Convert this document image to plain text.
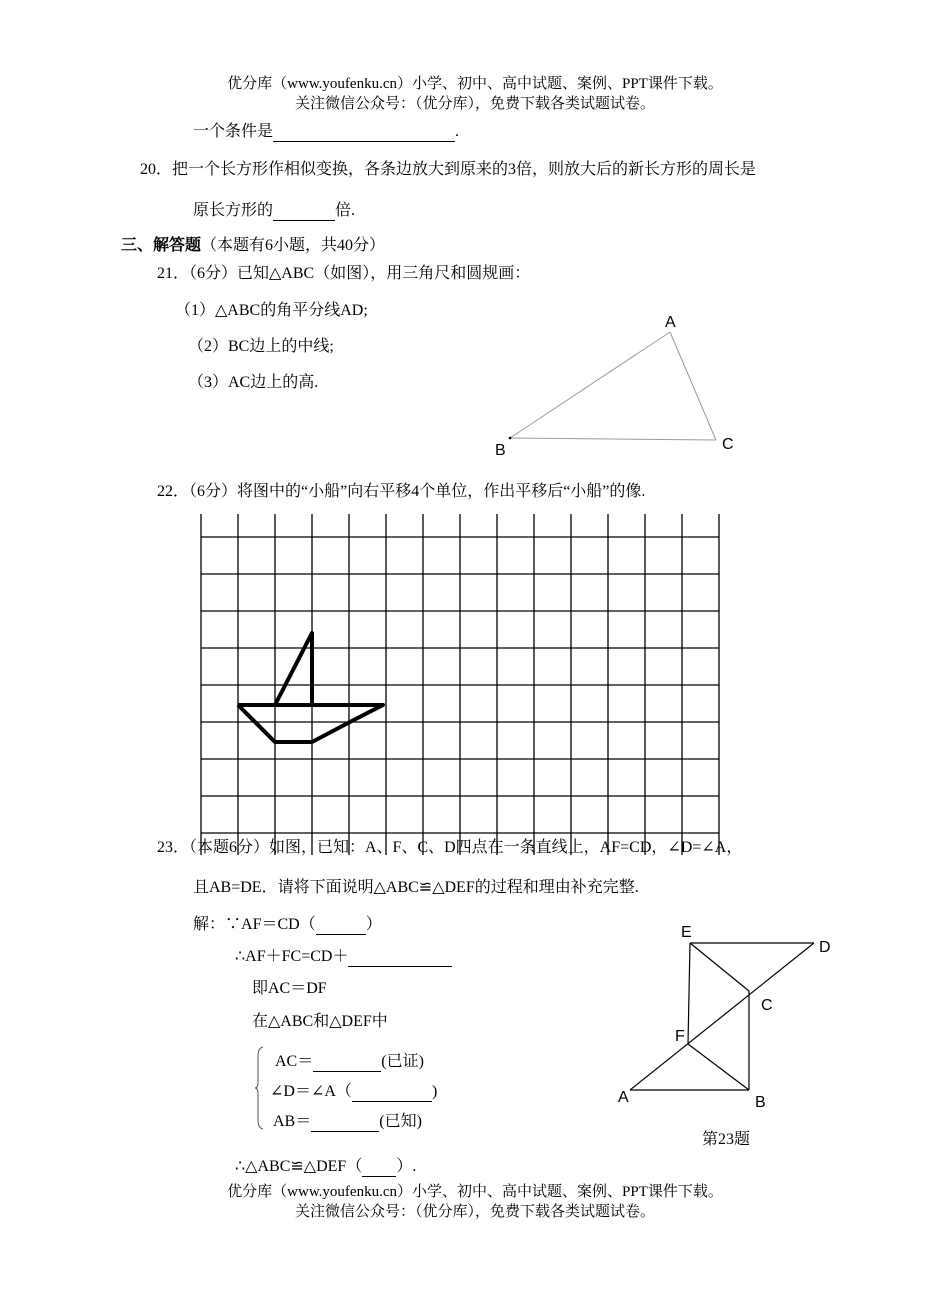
优分库（www.youfenku.cn）小学、初中、高中试题、案例、PPT课件下载。
关注微信公众号：（优分库），免费下载各类试题试卷。
一个条件是	.
20．把一个长方形作相似变换，各条边放大到原来的3倍，则放大后的新长方形的周长是
原长方形的	倍.
三、解答题（本题有6小题，共40分）
21．（6分）已知△ABC（如图），用三角尺和圆规画：
（1）△ABC的角平分线AD;
（2）BC边上的中线;
（3）AC边上的高.
A
B	C
22．（6分）将图中的“小船”向右平移4个单位，作出平移后“小船”的像.
23．（本题6分）如图，已知：A、F、C、D四点在一条直线上，AF=CD，∠D=∠A，
且AB=DE．请将下面说明△ABC≌△DEF的过程和理由补充完整.
解：∵AF＝CD（	）
∴AF＋FC=CD＋
即AC＝DF
在△ABC和△DEF中
AC＝	(已证)
∠D＝∠A（	)
AB＝	(已知)
∴△ABC≌△DEF（ ）.
E
D
C
F
A	B
第23题
优分库（www.youfenku.cn）小学、初中、高中试题、案例、PPT课件下载。
关注微信公众号：（优分库），免费下载各类试题试卷。
